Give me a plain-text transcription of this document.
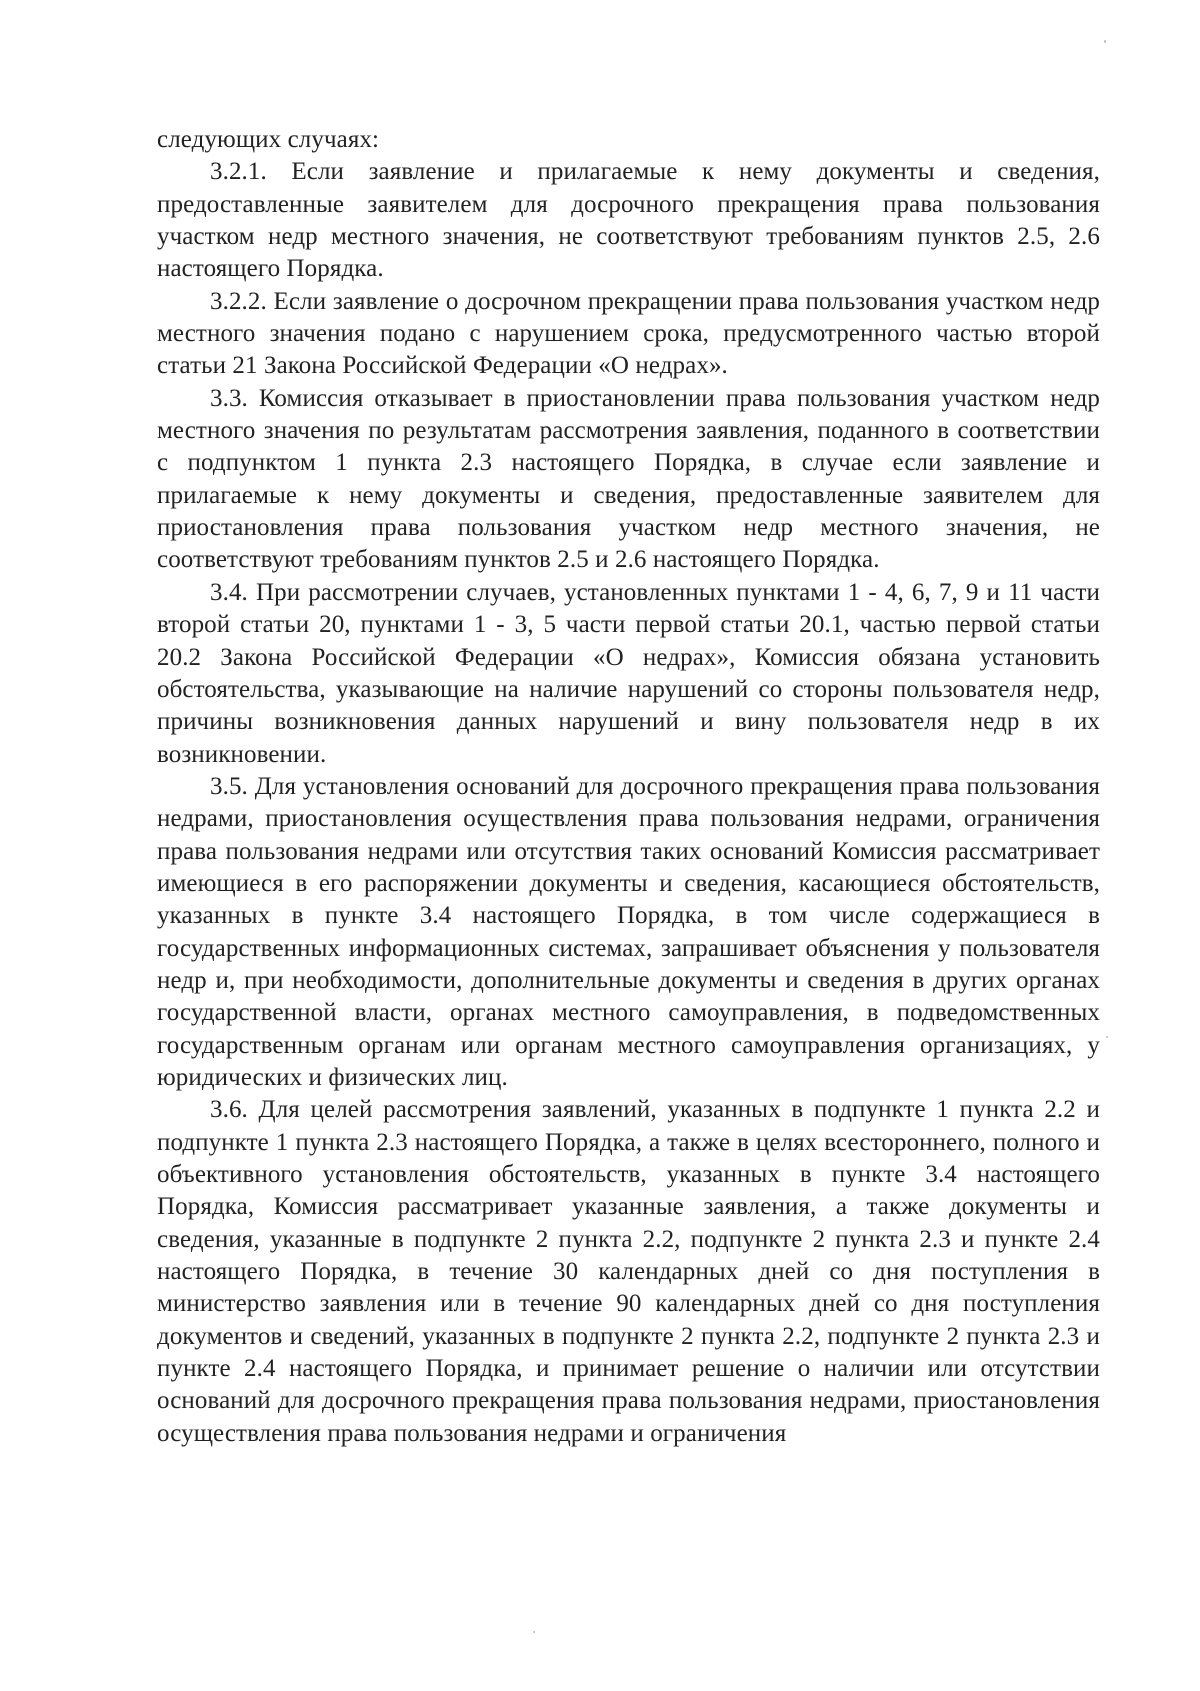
следующих случаях:

3.2.1. Если заявление и прилагаемые к нему документы и сведения, предоставленные заявителем для досрочного прекращения права пользования участком недр местного значения, не соответствуют требованиям пунктов 2.5, 2.6 настоящего Порядка.

3.2.2. Если заявление о досрочном прекращении права пользования участком недр местного значения подано с нарушением срока, предусмотренного частью второй статьи 21 Закона Российской Федерации «О недрах».

3.3. Комиссия отказывает в приостановлении права пользования участком недр местного значения по результатам рассмотрения заявления, поданного в соответствии с подпунктом 1 пункта 2.3 настоящего Порядка, в случае если заявление и прилагаемые к нему документы и сведения, предоставленные заявителем для приостановления права пользования участком недр местного значения, не соответствуют требованиям пунктов 2.5 и 2.6 настоящего Порядка.

3.4. При рассмотрении случаев, установленных пунктами 1 - 4, 6, 7, 9 и 11 части второй статьи 20, пунктами 1 - 3, 5 части первой статьи 20.1, частью первой статьи 20.2 Закона Российской Федерации «О недрах», Комиссия обязана установить обстоятельства, указывающие на наличие нарушений со стороны пользователя недр, причины возникновения данных нарушений и вину пользователя недр в их возникновении.

3.5. Для установления оснований для досрочного прекращения права пользования недрами, приостановления осуществления права пользования недрами, ограничения права пользования недрами или отсутствия таких оснований Комиссия рассматривает имеющиеся в его распоряжении документы и сведения, касающиеся обстоятельств, указанных в пункте 3.4 настоящего Порядка, в том числе содержащиеся в государственных информационных системах, запрашивает объяснения у пользователя недр и, при необходимости, дополнительные документы и сведения в других органах государственной власти, органах местного самоуправления, в подведомственных государственным органам или органам местного самоуправления организациях, у юридических и физических лиц.

3.6. Для целей рассмотрения заявлений, указанных в подпункте 1 пункта 2.2 и подпункте 1 пункта 2.3 настоящего Порядка, а также в целях всестороннего, полного и объективного установления обстоятельств, указанных в пункте 3.4 настоящего Порядка, Комиссия рассматривает указанные заявления, а также документы и сведения, указанные в подпункте 2 пункта 2.2, подпункте 2 пункта 2.3 и пункте 2.4 настоящего Порядка, в течение 30 календарных дней со дня поступления в министерство заявления или в течение 90 календарных дней со дня поступления документов и сведений, указанных в подпункте 2 пункта 2.2, подпункте 2 пункта 2.3 и пункте 2.4 настоящего Порядка, и принимает решение о наличии или отсутствии оснований для досрочного прекращения права пользования недрами, приостановления осуществления права пользования недрами и ограничения
